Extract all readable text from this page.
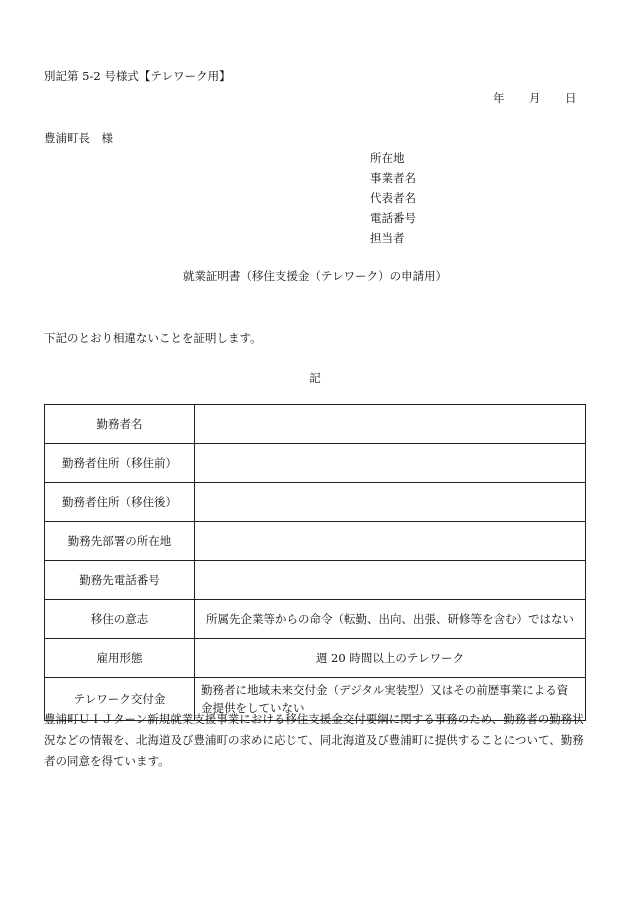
別記第 5-2 号様式【テレワーク用】
年 月 日
豊浦町長　様
所在地
事業者名
代表者名
電話番号
担当者
就業証明書（移住支援金（テレワーク）の申請用）
下記のとおり相違ないことを証明します。
記
勤務者名	
勤務者住所（移住前）	
勤務者住所（移住後）	
勤務先部署の所在地	
勤務先電話番号	
移住の意志	所属先企業等からの命令（転勤、出向、出張、研修等を含む）ではない
雇用形態	週 20 時間以上のテレワーク
テレワーク交付金	勤務者に地域未来交付金（デジタル実装型）又はその前歴事業による資金提供をしていない
豊浦町ＵＩＪターン新規就業支援事業における移住支援金交付要綱に関する事務のため、勤務者の勤務状況などの情報を、北海道及び豊浦町の求めに応じて、同北海道及び豊浦町に提供することについて、勤務者の同意を得ています。
